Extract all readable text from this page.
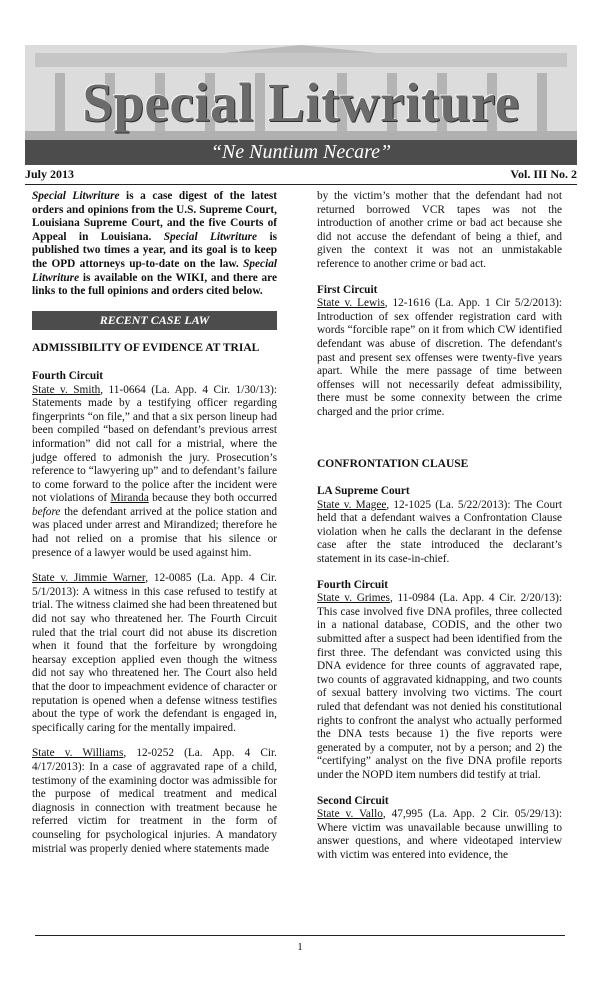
Special Litwriture
“Ne Nuntium Necare”
July 2013	Vol. III No. 2

Special Litwriture is a case digest of the latest orders and opinions from the U.S. Supreme Court, Louisiana Supreme Court, and the five Courts of Appeal in Louisiana. Special Litwriture is published two times a year, and its goal is to keep the OPD attorneys up-to-date on the law. Special Litwriture is available on the WIKI, and there are links to the full opinions and orders cited below.

RECENT CASE LAW
ADMISSIBILITY OF EVIDENCE AT TRIAL

Fourth Circuit
State v. Smith, 11-0664 (La. App. 4 Cir. 1/30/13): Statements made by a testifying officer regarding fingerprints “on file,” and that a six person lineup had been compiled “based on defendant’s previous arrest information” did not call for a mistrial, where the judge offered to admonish the jury. Prosecution’s reference to “lawyering up” and to defendant’s failure to come forward to the police after the incident were not violations of Miranda because they both occurred before the defendant arrived at the police station and was placed under arrest and Mirandized; therefore he had not relied on a promise that his silence or presence of a lawyer would be used against him.

State v. Jimmie Warner, 12-0085 (La. App. 4 Cir. 5/1/2013): A witness in this case refused to testify at trial. The witness claimed she had been threatened but did not say who threatened her. The Fourth Circuit ruled that the trial court did not abuse its discretion when it found that the forfeiture by wrongdoing hearsay exception applied even though the witness did not say who threatened her. The Court also held that the door to impeachment evidence of character or reputation is opened when a defense witness testifies about the type of work the defendant is engaged in, specifically caring for the mentally impaired.

State v. Williams, 12-0252 (La. App. 4 Cir. 4/17/2013): In a case of aggravated rape of a child, testimony of the examining doctor was admissible for the purpose of medical treatment and medical diagnosis in connection with treatment because he referred victim for treatment in the form of counseling for psychological injuries. A mandatory mistrial was properly denied where statements made

by the victim’s mother that the defendant had not returned borrowed VCR tapes was not the introduction of another crime or bad act because she did not accuse the defendant of being a thief, and given the context it was not an unmistakable reference to another crime or bad act.

First Circuit
State v. Lewis, 12-1616 (La. App. 1 Cir 5/2/2013): Introduction of sex offender registration card with words “forcible rape” on it from which CW identified defendant was abuse of discretion. The defendant's past and present sex offenses were twenty-five years apart. While the mere passage of time between offenses will not necessarily defeat admissibility, there must be some connexity between the crime charged and the prior crime.

CONFRONTATION CLAUSE

LA Supreme Court
State v. Magee, 12-1025 (La. 5/22/2013): The Court held that a defendant waives a Confrontation Clause violation when he calls the declarant in the defense case after the state introduced the declarant’s statement in its case-in-chief.

Fourth Circuit
State v. Grimes, 11-0984 (La. App. 4 Cir. 2/20/13): This case involved five DNA profiles, three collected in a national database, CODIS, and the other two submitted after a suspect had been identified from the first three. The defendant was convicted using this DNA evidence for three counts of aggravated rape, two counts of aggravated kidnapping, and two counts of sexual battery involving two victims. The court ruled that defendant was not denied his constitutional rights to confront the analyst who actually performed the DNA tests because 1) the five reports were generated by a computer, not by a person; and 2) the “certifying” analyst on the five DNA profile reports under the NOPD item numbers did testify at trial.

Second Circuit
State v. Vallo, 47,995 (La. App. 2 Cir. 05/29/13): Where victim was unavailable because unwilling to answer questions, and where videotaped interview with victim was entered into evidence, the

1
